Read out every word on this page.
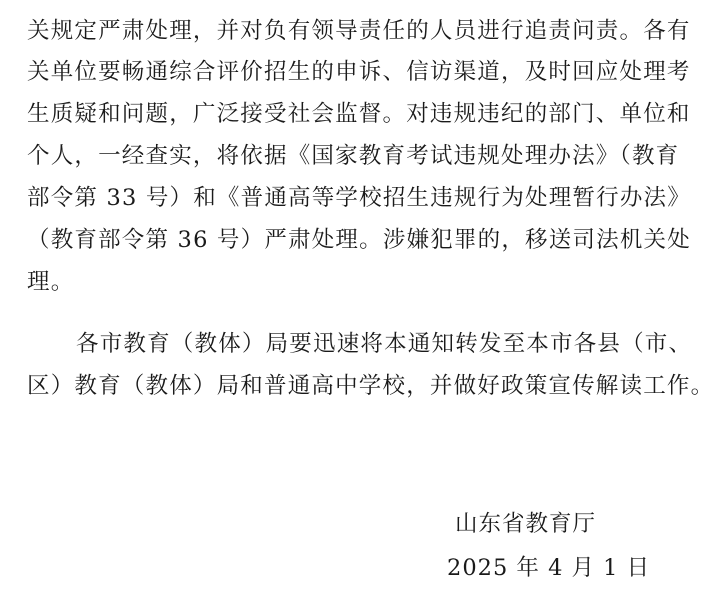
关规定严肃处理，并对负有领导责任的人员进行追责问责。各有
关单位要畅通综合评价招生的申诉、信访渠道，及时回应处理考
生质疑和问题，广泛接受社会监督。对违规违纪的部门、单位和
个人，一经查实，将依据《国家教育考试违规处理办法》（教育
部令第 33 号）和《普通高等学校招生违规行为处理暂行办法》
（教育部令第 36 号）严肃处理。涉嫌犯罪的，移送司法机关处
理。
各市教育（教体）局要迅速将本通知转发至本市各县（市、
区）教育（教体）局和普通高中学校，并做好政策宣传解读工作。
山东省教育厅
2025 年 4 月 1 日
